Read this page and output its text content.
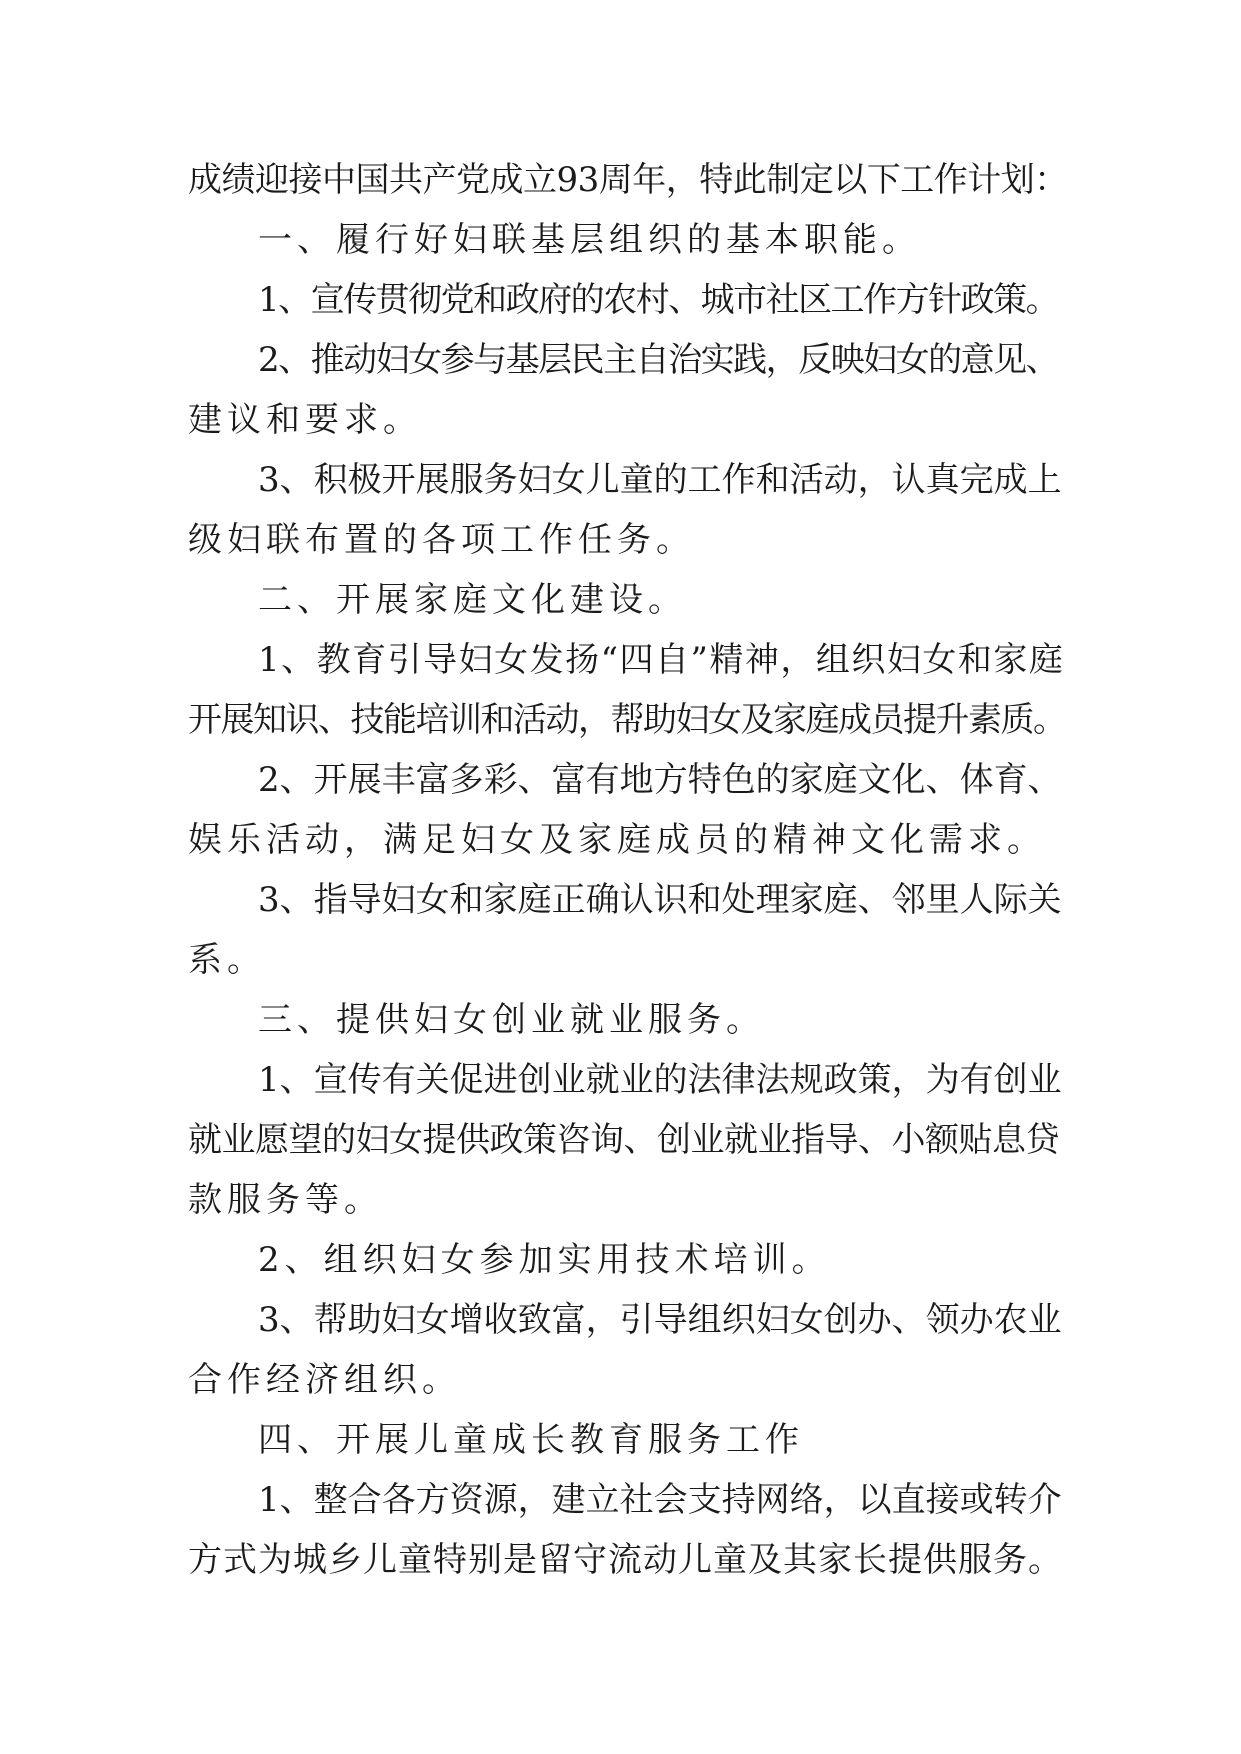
成绩迎接中国共产党成立93周年，特此制定以下工作计划：
一、履行好妇联基层组织的基本职能。
1、宣传贯彻党和政府的农村、城市社区工作方针政策。
2、推动妇女参与基层民主自治实践，反映妇女的意见、
建议和要求。
3、积极开展服务妇女儿童的工作和活动，认真完成上
级妇联布置的各项工作任务。
二、开展家庭文化建设。
1、教育引导妇女发扬“四自”精神，组织妇女和家庭
开展知识、技能培训和活动，帮助妇女及家庭成员提升素质。
2、开展丰富多彩、富有地方特色的家庭文化、体育、
娱乐活动，满足妇女及家庭成员的精神文化需求。
3、指导妇女和家庭正确认识和处理家庭、邻里人际关
系。
三、提供妇女创业就业服务。
1、宣传有关促进创业就业的法律法规政策，为有创业
就业愿望的妇女提供政策咨询、创业就业指导、小额贴息贷
款服务等。
2、组织妇女参加实用技术培训。
3、帮助妇女增收致富，引导组织妇女创办、领办农业
合作经济组织。
四、开展儿童成长教育服务工作
1、整合各方资源，建立社会支持网络，以直接或转介
方式为城乡儿童特别是留守流动儿童及其家长提供服务。
